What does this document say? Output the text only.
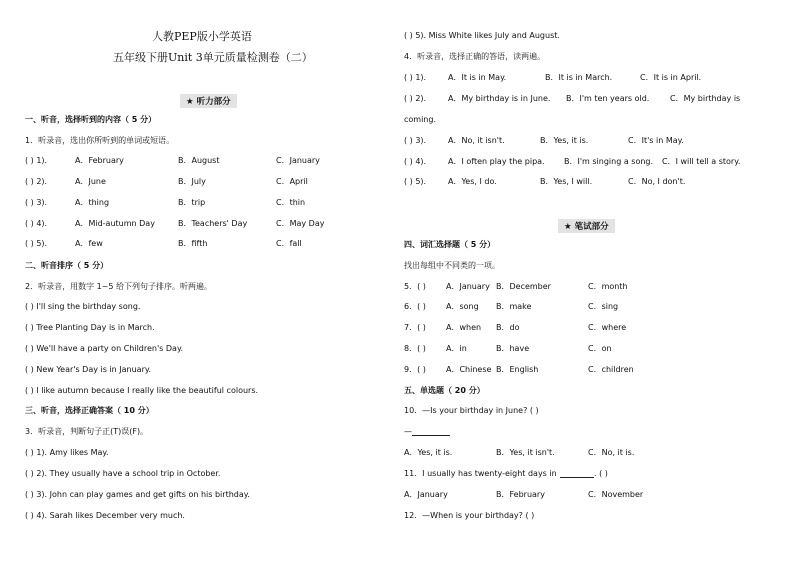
人教PEP版小学英语
五年级下册Unit 3单元质量检测卷（二）
★ 听力部分
一、听音，选择听到的内容（ 5 分）
1．听录音，选出你所听到的单词或短语。
( ) 1).	A．February	B．August	C．January
( ) 2).	A．June	B．July	C．April
( ) 3).	A．thing	B．trip	C．thin
( ) 4).	A．Mid-autumn Day	B．Teachers' Day	C．May Day
( ) 5).	A．few	B．fifth	C．fall
二、听音排序（ 5 分）
2．听录音，用数字 1~5 给下列句子排序。听两遍。
( ) I'll sing the birthday song.
( ) Tree Planting Day is in March.
( ) We'll have a party on Children's Day.
( ) New Year's Day is in January.
( ) I like autumn because I really like the beautiful colours.
三、听音，选择正确答案（ 10 分）
3．听录音，判断句子正(T)误(F)。
( ) 1). Amy likes May.
( ) 2). They usually have a school trip in October.
( ) 3). John can play games and get gifts on his birthday.
( ) 4). Sarah likes December very much.
( ) 5). Miss White likes July and August.
4．听录音，选择正确的答语，读两遍。
( ) 1).	A．It is in May.	B．It is in March.	C．It is in April.
( ) 2).	A．My birthday is in June. B．I'm ten years old.	C．My birthday is
coming.
( ) 3).	A．No, it isn't.	B．Yes, it is.	C．It's in May.
( ) 4).	A．I often play the pipa. B．I'm singing a song. C．I will tell a story.
( ) 5).	A．Yes, I do.	B．Yes, I will.	C．No, I don't.
★ 笔试部分
四、词汇选择题（ 5 分）
找出每组中不同类的一项。
5．( )	A．January B．December	C．month
6．( )	A．song B．make	C．sing
7．( )	A．when B．do	C．where
8．( )	A．in	B．have	C．on
9．( )	A．Chinese B．English	C．children
五、单选题（ 20 分）
10．—Is your birthday in June? ( )
—
A．Yes, it is.	B．Yes, it isn't.	C．No, it is.
11．I usually has twenty-eight days in	. ( )
A．January	B．February	C．November
12．—When is your birthday? ( )
